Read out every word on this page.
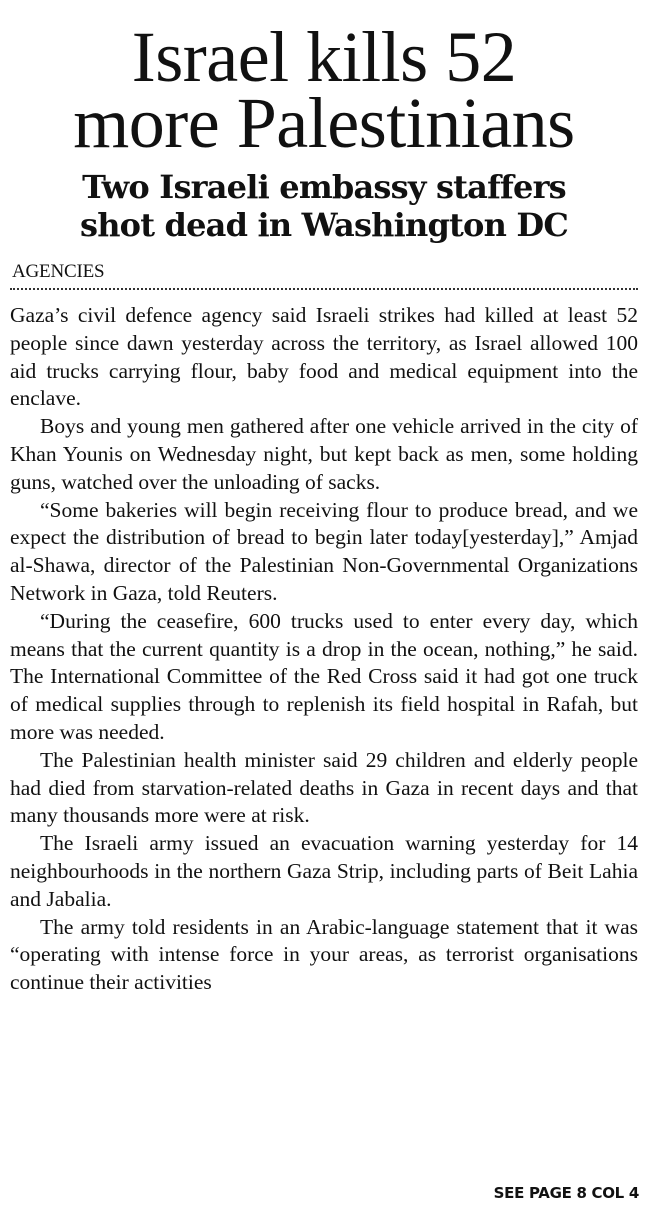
Israel kills 52
more Palestinians
Two Israeli embassy staffers
shot dead in Washington DC
AGENCIES

Gaza’s civil defence agency said Israeli strikes had killed at least 52 people since dawn yesterday across the territory, as Israel allowed 100 aid trucks carrying flour, baby food and medical equipment into the enclave.

Boys and young men gathered after one vehicle arrived in the city of Khan Younis on Wednesday night, but kept back as men, some holding guns, watched over the unloading of sacks.

“Some bakeries will begin receiving flour to produce bread, and we expect the distribution of bread to begin later today[yesterday],” Amjad al-Shawa, director of the Palestinian Non-Governmental Organizations Network in Gaza, told Reuters.

“During the ceasefire, 600 trucks used to enter every day, which means that the current quantity is a drop in the ocean, nothing,” he said. The International Committee of the Red Cross said it had got one truck of medical supplies through to replenish its field hospital in Rafah, but more was needed.

The Palestinian health minister said 29 children and elderly people had died from starvation-related deaths in Gaza in recent days and that many thousands more were at risk.

The Israeli army issued an evacuation warning yesterday for 14 neighbourhoods in the northern Gaza Strip, including parts of Beit Lahia and Jabalia.

The army told residents in an Arabic-language statement that it was “operating with intense force in your areas, as terrorist organisations continue their activities

SEE PAGE 8 COL 4
